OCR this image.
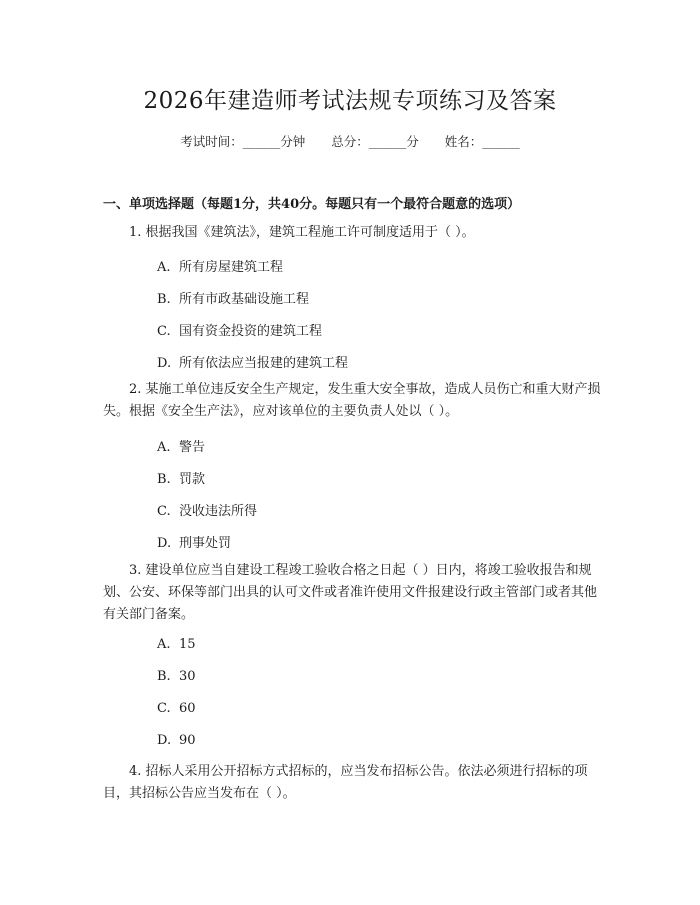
2026年建造师考试法规专项练习及答案
考试时间：______分钟 总分：______分 姓名：______
一、单项选择题（每题1分，共40分。每题只有一个最符合题意的选项）
1. 根据我国《建筑法》，建筑工程施工许可制度适用于（ ）。
A. 所有房屋建筑工程
B. 所有市政基础设施工程
C. 国有资金投资的建筑工程
D. 所有依法应当报建的建筑工程
2. 某施工单位违反安全生产规定，发生重大安全事故，造成人员伤亡和重大财产损失。根据《安全生产法》，应对该单位的主要负责人处以（ ）。
A. 警告
B. 罚款
C. 没收违法所得
D. 刑事处罚
3. 建设单位应当自建设工程竣工验收合格之日起（ ）日内，将竣工验收报告和规划、公安、环保等部门出具的认可文件或者准许使用文件报建设行政主管部门或者其他有关部门备案。
A. 15
B. 30
C. 60
D. 90
4. 招标人采用公开招标方式招标的，应当发布招标公告。依法必须进行招标的项目，其招标公告应当发布在（ ）。
